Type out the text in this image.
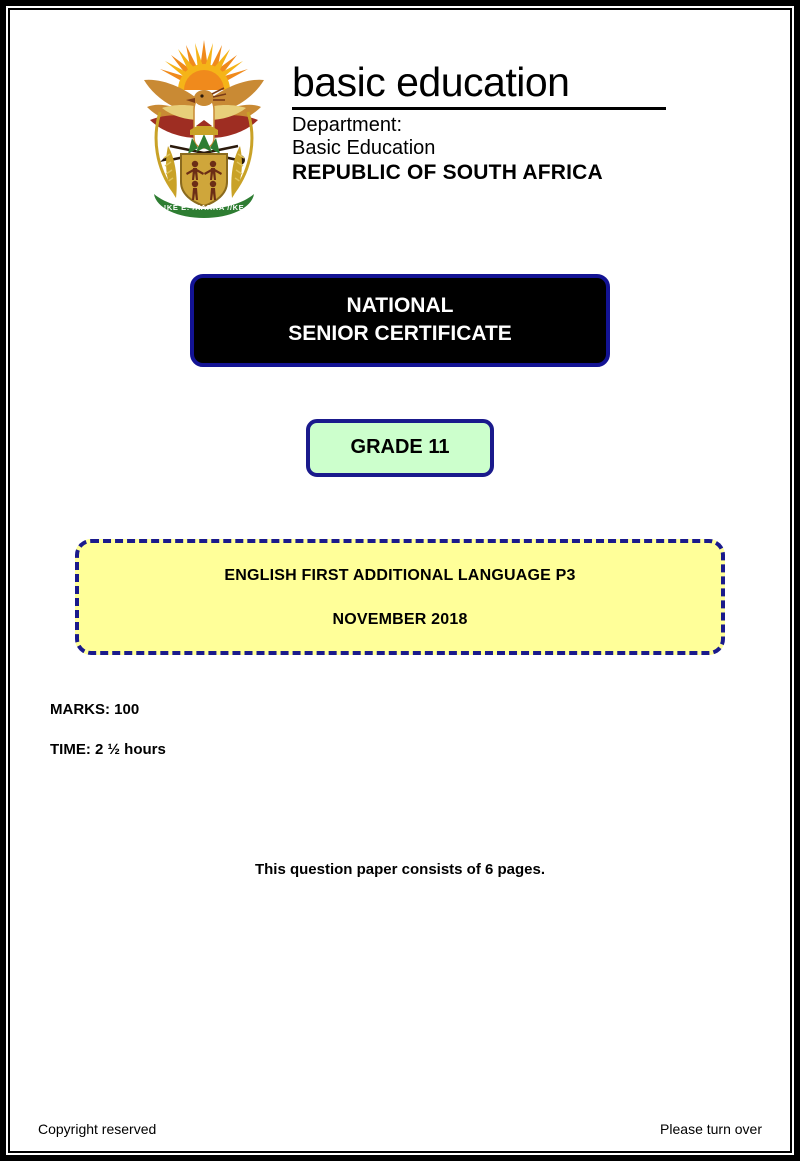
!KE E: /XARRA //KE
basic education
Department:
Basic Education
REPUBLIC OF SOUTH AFRICA
NATIONAL
SENIOR CERTIFICATE
GRADE 11
ENGLISH FIRST ADDITIONAL LANGUAGE P3
NOVEMBER 2018
MARKS: 100
TIME: 2 ½ hours
This question paper consists of 6 pages.
Copyright reserved	Please turn over
